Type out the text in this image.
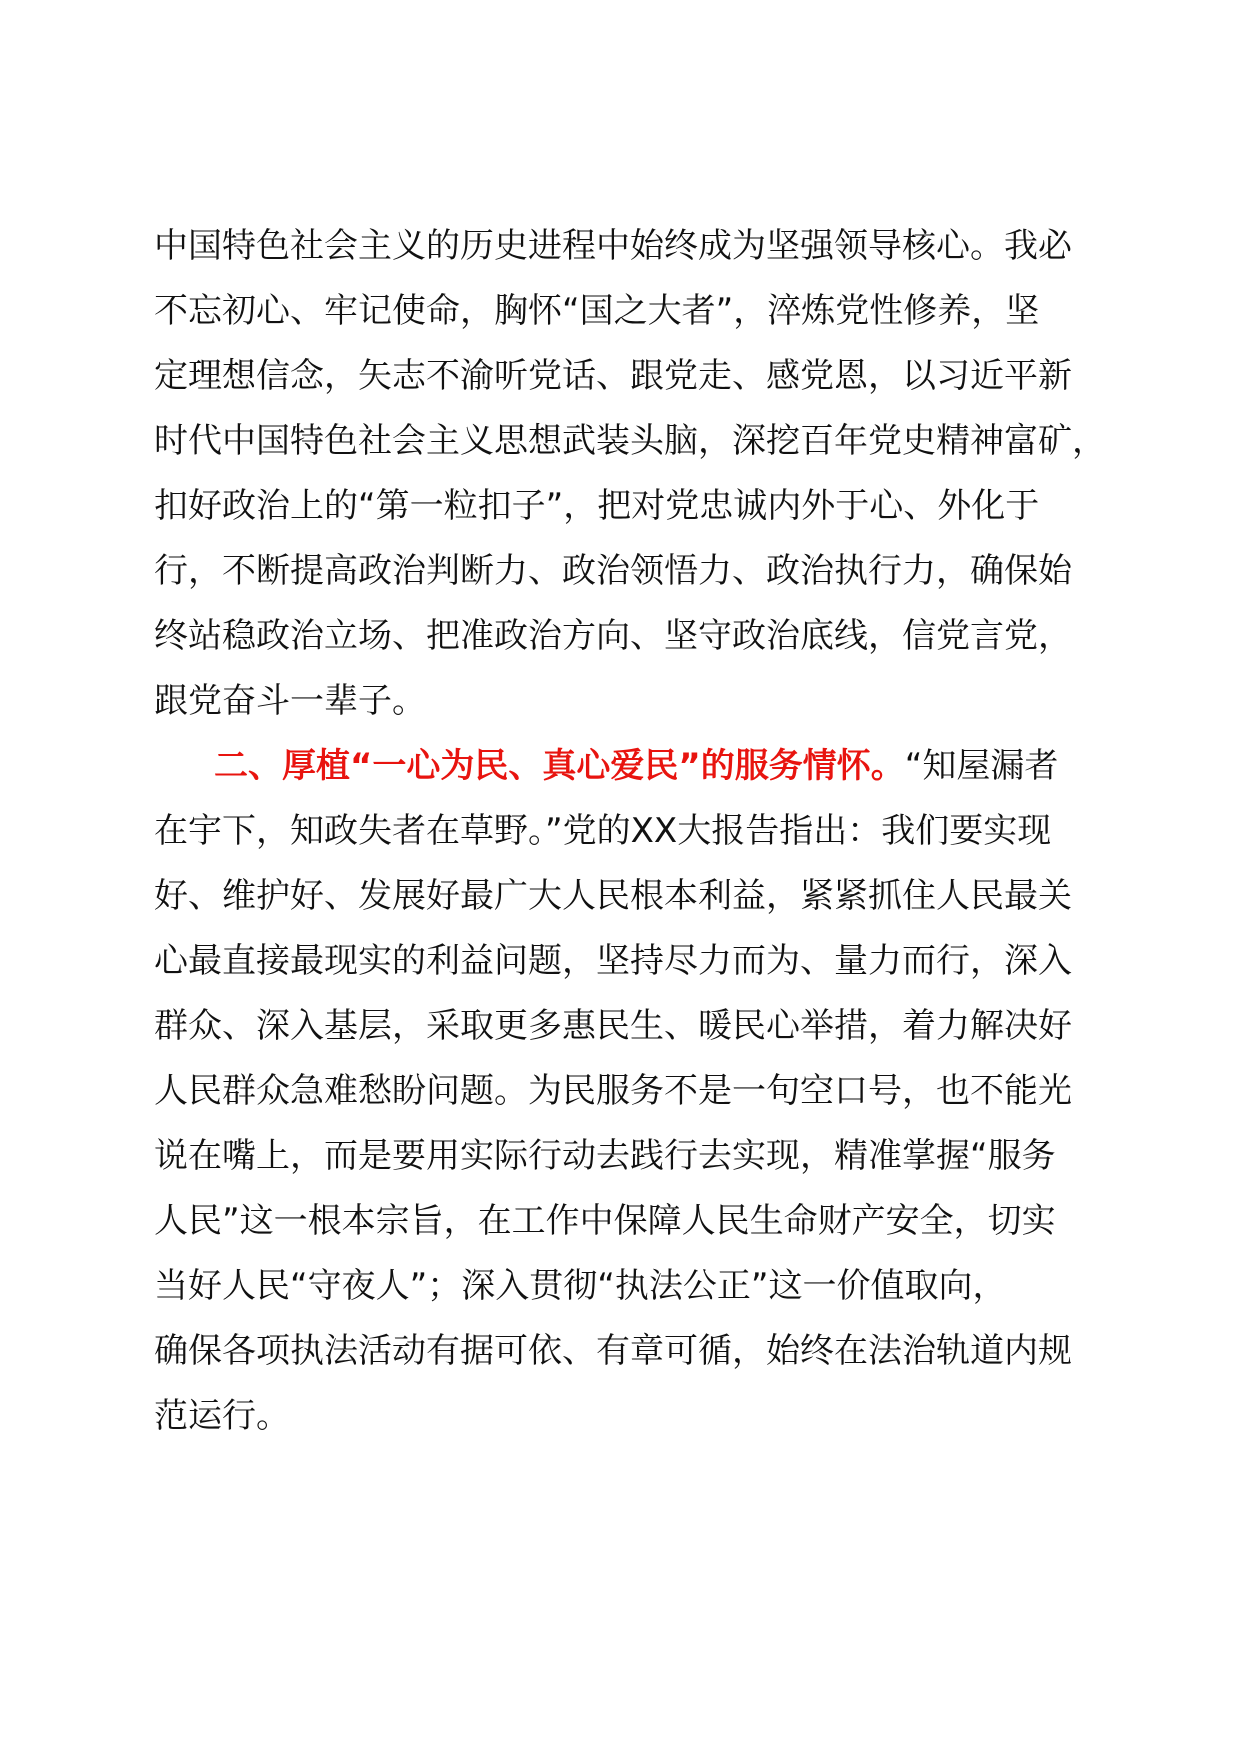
中国特色社会主义的历史进程中始终成为坚强领导核心。我必
不忘初心、牢记使命，胸怀“国之大者”，淬炼党性修养，坚
定理想信念，矢志不渝听党话、跟党走、感党恩，以习近平新
时代中国特色社会主义思想武装头脑，深挖百年党史精神富矿，
扣好政治上的“第一粒扣子”，把对党忠诚内外于心、外化于
行，不断提高政治判断力、政治领悟力、政治执行力，确保始
终站稳政治立场、把准政治方向、坚守政治底线，信党言党，
跟党奋斗一辈子。
二、厚植“一心为民、真心爱民”的服务情怀。“知屋漏者
在宇下，知政失者在草野。”党的XX大报告指出：我们要实现
好、维护好、发展好最广大人民根本利益，紧紧抓住人民最关
心最直接最现实的利益问题，坚持尽力而为、量力而行，深入
群众、深入基层，采取更多惠民生、暖民心举措，着力解决好
人民群众急难愁盼问题。为民服务不是一句空口号，也不能光
说在嘴上，而是要用实际行动去践行去实现，精准掌握“服务
人民”这一根本宗旨，在工作中保障人民生命财产安全，切实
当好人民“守夜人”；深入贯彻“执法公正”这一价值取向，
确保各项执法活动有据可依、有章可循，始终在法治轨道内规
范运行。
